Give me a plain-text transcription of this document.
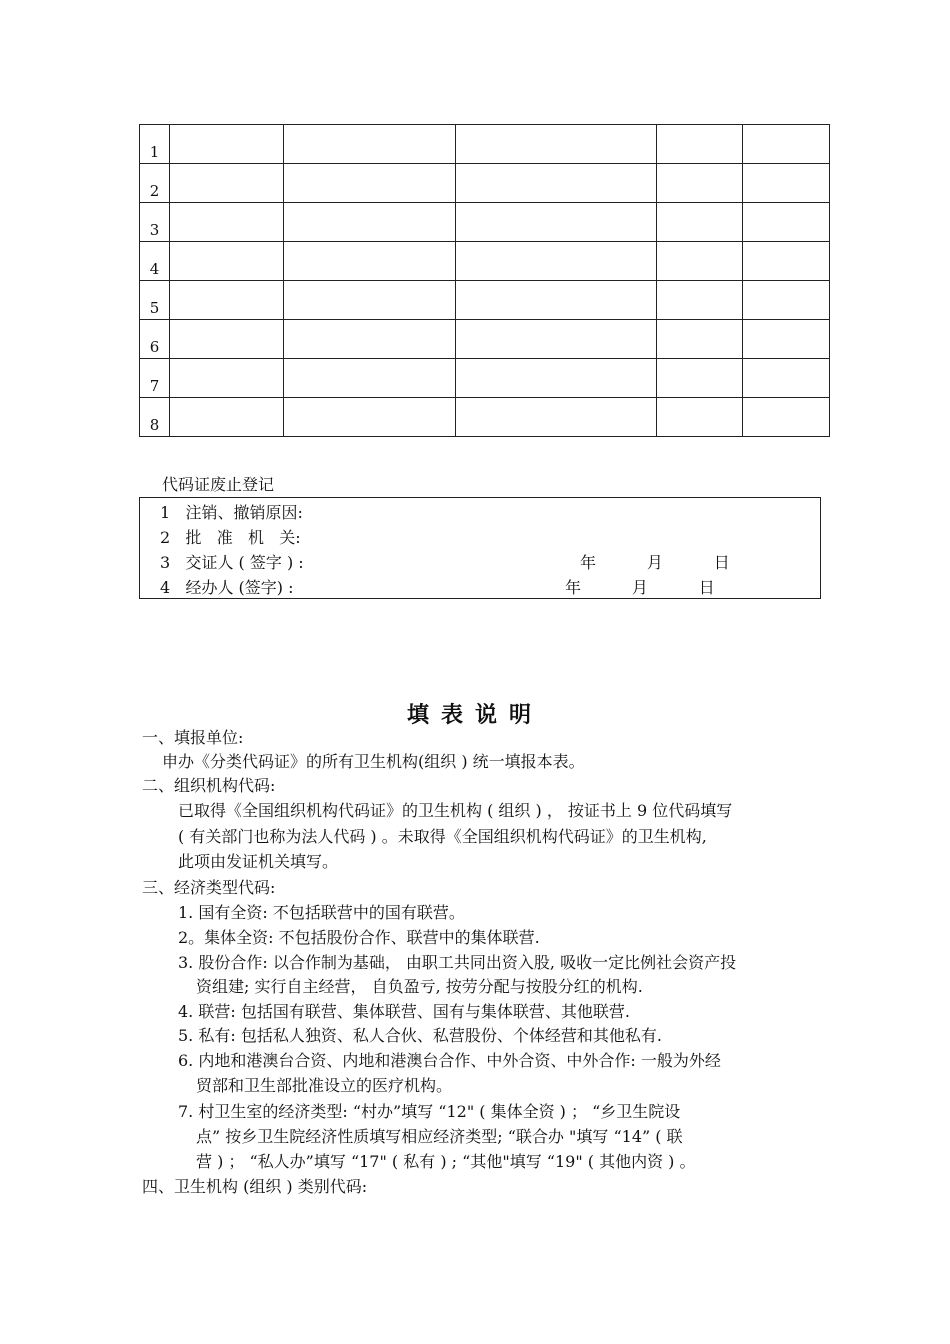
1					
2					
3					
4					
5					
6					
7					
8					
代码证废止登记
1   注销、撤销原因:
2   批   准   机   关:
3   交证人 ( 签字 ) :	年          月          日
4   经办人 (签字) :	年          月          日
填表说明
一、填报单位:
申办《分类代码证》的所有卫生机构(组织 ) 统一填报本表。
二、组织机构代码:
已取得《全国组织机构代码证》的卫生机构 ( 组织 ) ， 按证书上 9 位代码填写
( 有关部门也称为法人代码 ) 。未取得《全国组织机构代码证》的卫生机构,
此项由发证机关填写。
三、经济类型代码:
1. 国有全资: 不包括联营中的国有联营。
2。集体全资: 不包括股份合作、联营中的集体联营.
3. 股份合作: 以合作制为基础， 由职工共同出资入股, 吸收一定比例社会资产投
资组建; 实行自主经营， 自负盈亏, 按劳分配与按股分红的机构.
4. 联营: 包括国有联营、集体联营、国有与集体联营、其他联营.
5. 私有: 包括私人独资、私人合伙、私营股份、个体经营和其他私有.
6. 内地和港澳台合资、内地和港澳台合作、中外合资、中外合作: 一般为外经
贸部和卫生部批准设立的医疗机构。
7. 村卫生室的经济类型: “村办”填写 “12" ( 集体全资 ) ； “乡卫生院设
点” 按乡卫生院经济性质填写相应经济类型; “联合办 "填写 “14” ( 联
营 ) ； “私人办”填写 “17" ( 私有 ) ; “其他"填写 “19" ( 其他内资 ) 。
四、卫生机构 (组织 ) 类别代码:
